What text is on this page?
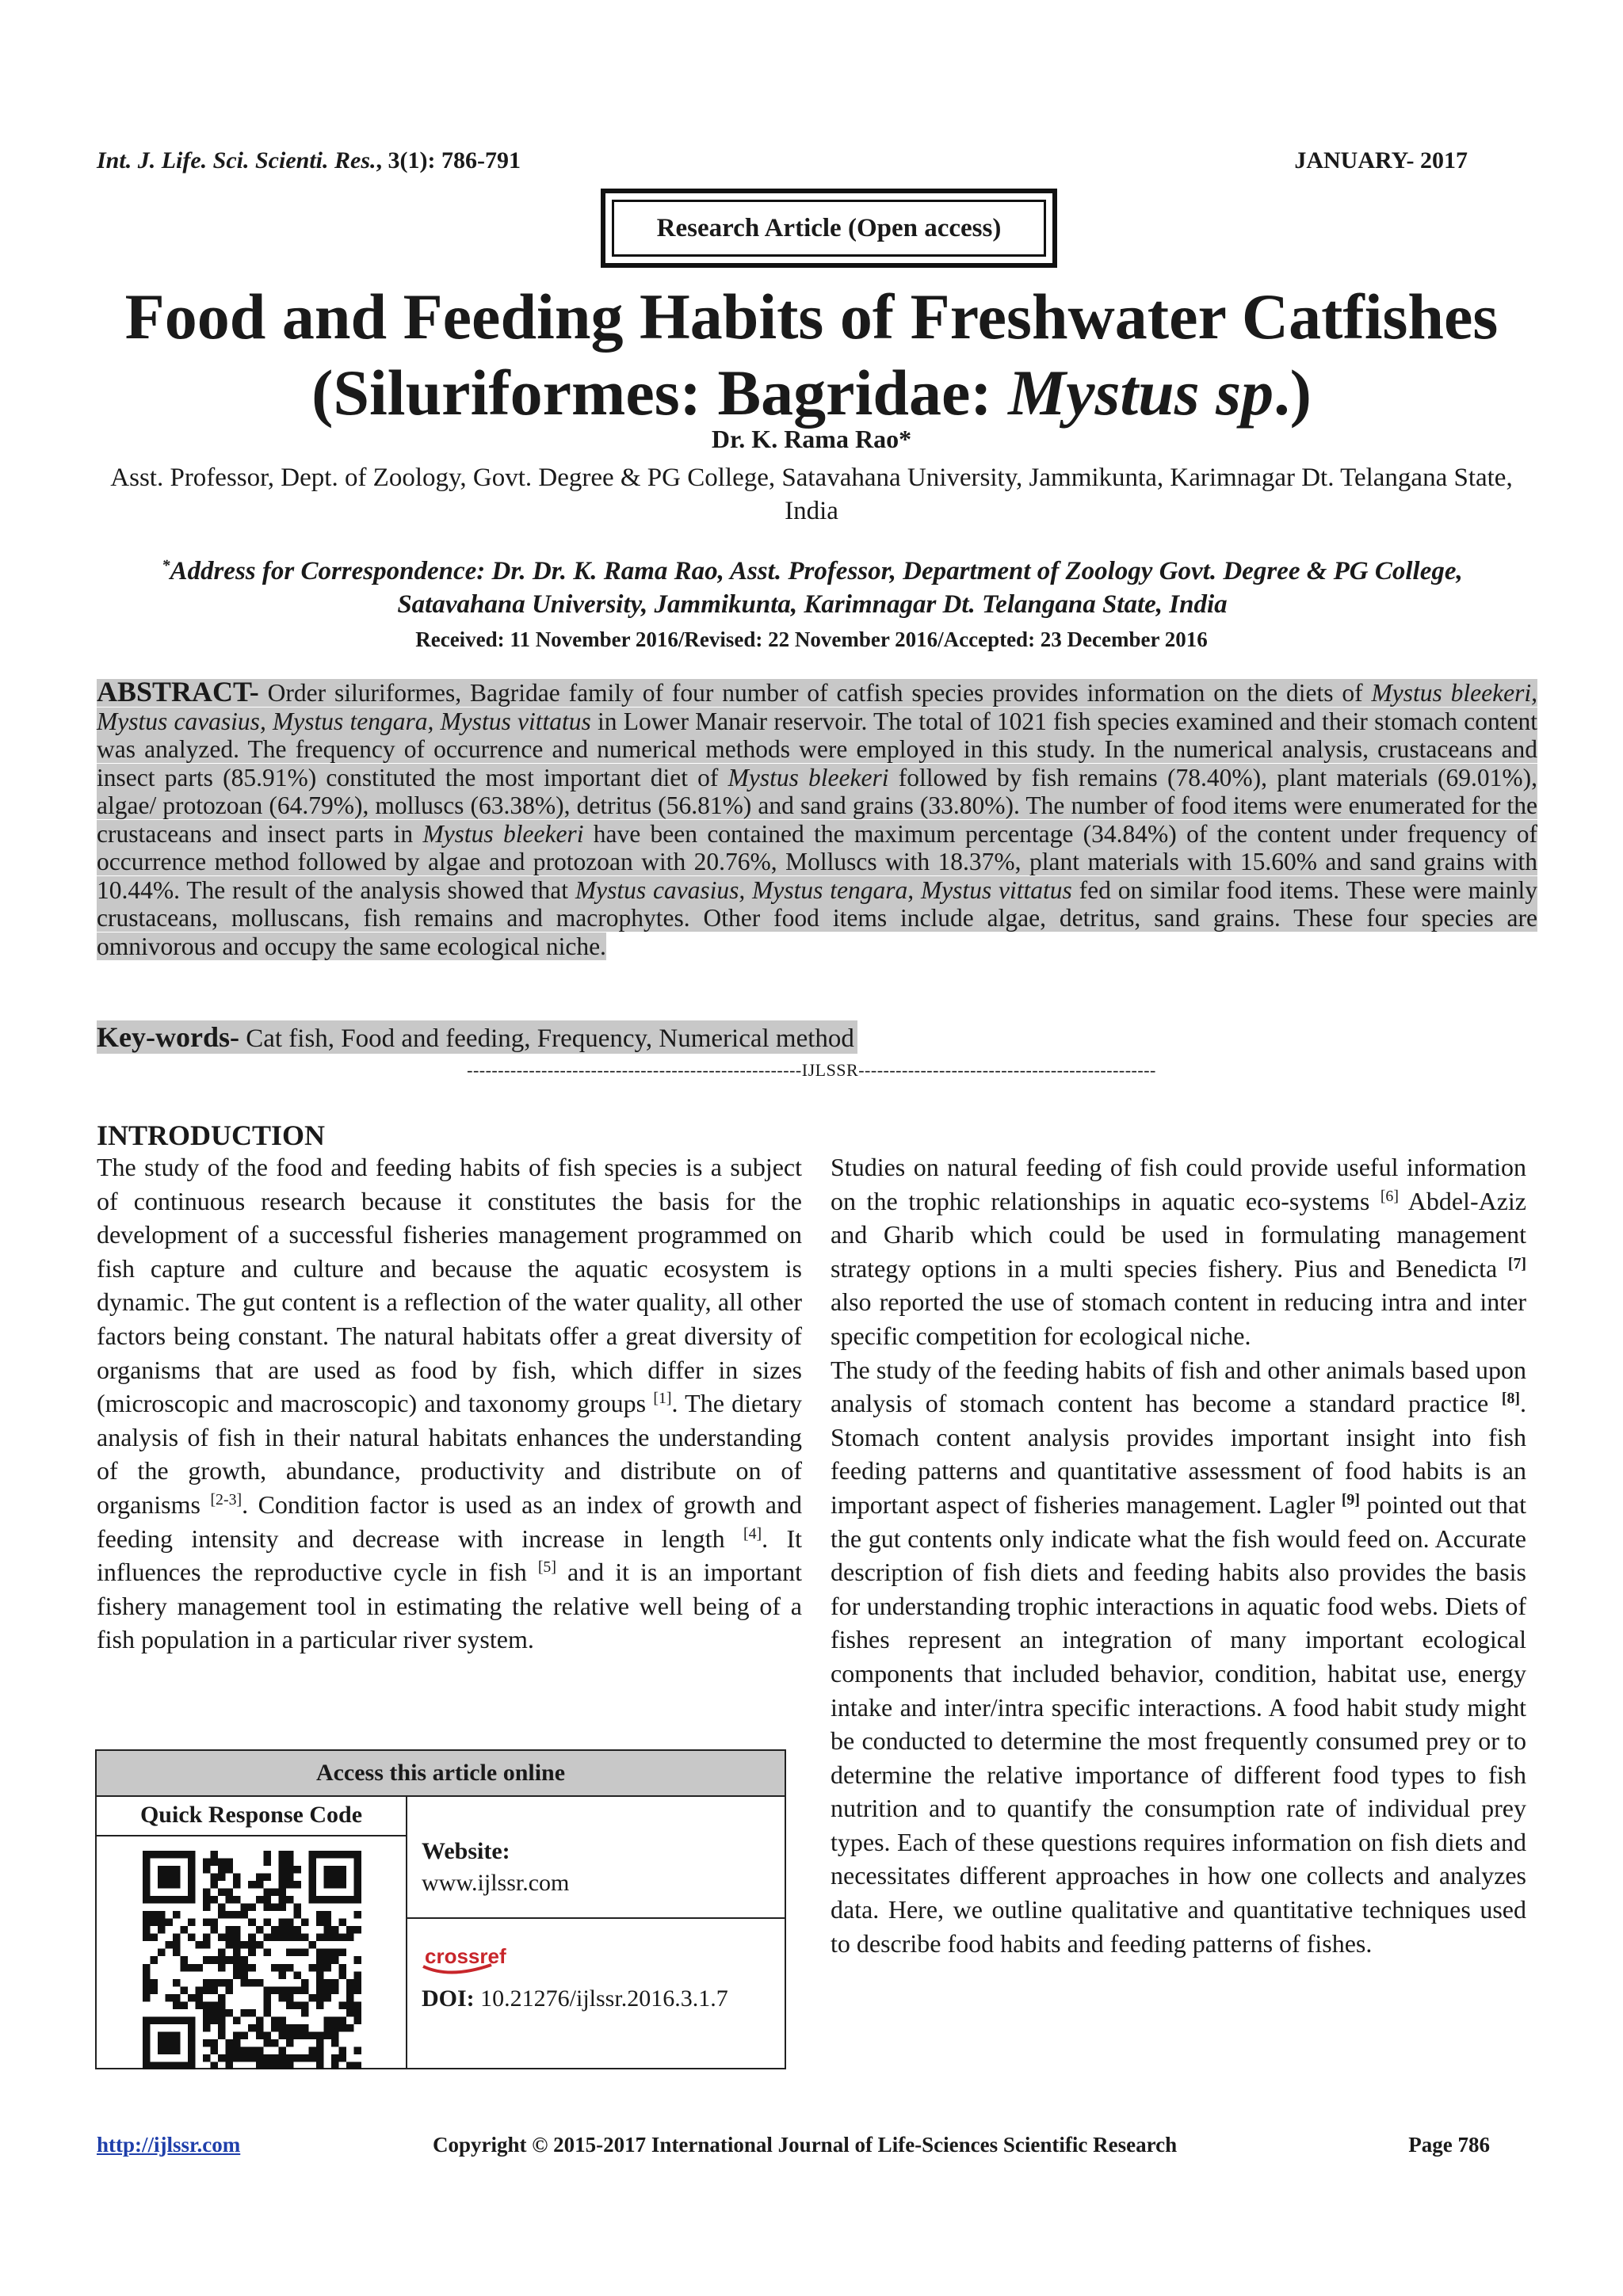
Int. J. Life. Sci. Scienti. Res., 3(1): 786-791	JANUARY- 2017
Research Article (Open access)
Food and Feeding Habits of Freshwater Catfishes
(Siluriformes: Bagridae: Mystus sp.)
Dr. K. Rama Rao*
Asst. Professor, Dept. of Zoology, Govt. Degree & PG College, Satavahana University, Jammikunta, Karimnagar Dt. Telangana State, India
*Address for Correspondence: Dr. Dr. K. Rama Rao, Asst. Professor, Department of Zoology Govt. Degree & PG College, Satavahana University, Jammikunta, Karimnagar Dt. Telangana State, India
Received: 11 November 2016/Revised: 22 November 2016/Accepted: 23 December 2016
ABSTRACT- Order siluriformes, Bagridae family of four number of catfish species provides information on the diets of Mystus bleekeri, Mystus cavasius, Mystus tengara, Mystus vittatus in Lower Manair reservoir. The total of 1021 fish species examined and their stomach content was analyzed. The frequency of occurrence and numerical methods were employed in this study. In the numerical analysis, crustaceans and insect parts (85.91%) constituted the most important diet of Mystus bleekeri followed by fish remains (78.40%), plant materials (69.01%), algae/ protozoan (64.79%), molluscs (63.38%), detritus (56.81%) and sand grains (33.80%). The number of food items were enumerated for the crustaceans and insect parts in Mystus bleekeri have been contained the maximum percentage (34.84%) of the content under frequency of occurrence method followed by algae and protozoan with 20.76%, Molluscs with 18.37%, plant materials with 15.60% and sand grains with 10.44%. The result of the analysis showed that Mystus cavasius, Mystus tengara, Mystus vittatus fed on similar food items. These were mainly crustaceans, molluscans, fish remains and macrophytes. Other food items include algae, detritus, sand grains. These four species are omnivorous and occupy the same ecological niche.
Key-words- Cat fish, Food and feeding, Frequency, Numerical method
------------------------------------------------------IJLSSR------------------------------------------------
INTRODUCTION
The study of the food and feeding habits of fish species is a subject of continuous research because it constitutes the basis for the development of a successful fisheries management programmed on fish capture and culture and because the aquatic ecosystem is dynamic. The gut content is a reflection of the water quality, all other factors being constant. The natural habitats offer a great diversity of organisms that are used as food by fish, which differ in sizes (microscopic and macroscopic) and taxonomy groups [1]. The dietary analysis of fish in their natural habitats enhances the understanding of the growth, abundance, productivity and distribute on of organisms [2-3]. Condition factor is used as an index of growth and feeding intensity and decrease with increase in length [4]. It influences the reproductive cycle in fish [5] and it is an important fishery management tool in estimating the relative well being of a fish population in a particular river system.
Studies on natural feeding of fish could provide useful information on the trophic relationships in aquatic eco-systems [6] Abdel-Aziz and Gharib which could be used in formulating management strategy options in a multi species fishery. Pius and Benedicta [7] also reported the use of stomach content in reducing intra and inter specific competition for ecological niche.
The study of the feeding habits of fish and other animals based upon analysis of stomach content has become a standard practice [8]. Stomach content analysis provides important insight into fish feeding patterns and quantitative assessment of food habits is an important aspect of fisheries management. Lagler [9] pointed out that the gut contents only indicate what the fish would feed on. Accurate description of fish diets and feeding habits also provides the basis for understanding trophic interactions in aquatic food webs. Diets of fishes represent an integration of many important ecological components that included behavior, condition, habitat use, energy intake and inter/intra specific interactions. A food habit study might be conducted to determine the most frequently consumed prey or to determine the relative importance of different food types to fish nutrition and to quantify the consumption rate of individual prey types. Each of these questions requires information on fish diets and necessitates different approaches in how one collects and analyzes data. Here, we outline qualitative and quantitative techniques used to describe food habits and feeding patterns of fishes.
Access this article online
Quick Response Code
Website:
www.ijlssr.com
crossref
DOI: 10.21276/ijlssr.2016.3.1.7
http://ijlssr.com	Copyright © 2015-2017 International Journal of Life-Sciences Scientific Research	Page 786
